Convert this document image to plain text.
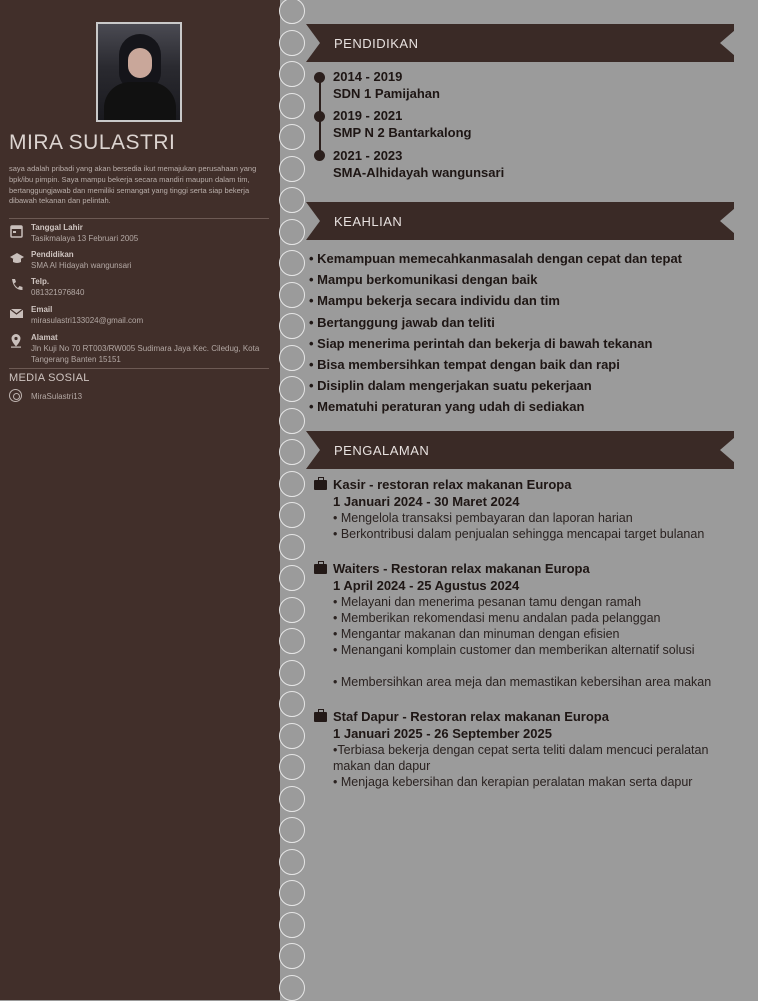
MIRA SULASTRI
saya adalah pribadi yang akan bersedia ikut memajukan perusahaan yang bpk/ibu pimpin. Saya mampu bekerja secara mandiri maupun dalam tim, bertanggungjawab dan memiliki semangat yang tinggi serta siap bekerja dibawah tekanan dan pelintah.
Tanggal Lahir
Tasikmalaya 13 Februari 2005
Pendidikan
SMA Al Hidayah wangunsari
Telp.
081321976840
Email
mirasulastri133024@gmail.com
Alamat
Jln Kuji No 70 RT003/RW005 Sudimara Jaya Kec. Ciledug, Kota Tangerang Banten 15151
MEDIA SOSIAL
MiraSulastri13
PENDIDIKAN
2014 - 2019
SDN 1 Pamijahan
2019 - 2021
SMP N 2 Bantarkalong
2021 - 2023
SMA-Alhidayah wangunsari
KEAHLIAN
• Kemampuan memecahkanmasalah dengan cepat dan tepat
• Mampu berkomunikasi dengan baik
• Mampu bekerja secara individu dan tim
• Bertanggung jawab dan teliti
• Siap menerima perintah dan bekerja di bawah tekanan
• Bisa membersihkan tempat dengan baik dan rapi
• Disiplin dalam mengerjakan suatu pekerjaan
• Mematuhi peraturan yang udah di sediakan
PENGALAMAN
Kasir - restoran relax makanan Europa
1 Januari 2024 - 30 Maret 2024
• Mengelola transaksi pembayaran dan laporan harian
• Berkontribusi dalam penjualan sehingga mencapai target bulanan
Waiters - Restoran relax makanan Europa
1 April 2024 - 25 Agustus 2024
• Melayani dan menerima pesanan tamu dengan ramah
• Memberikan rekomendasi menu andalan pada pelanggan
• Mengantar makanan dan minuman dengan efisien
• Menangani komplain customer dan memberikan alternatif solusi
• Membersihkan area meja dan memastikan kebersihan area makan
Staf Dapur - Restoran relax makanan Europa
1 Januari 2025 - 26 September 2025
•Terbiasa bekerja dengan cepat serta teliti dalam mencuci peralatan makan dan dapur
• Menjaga kebersihan dan kerapian peralatan makan serta dapur
